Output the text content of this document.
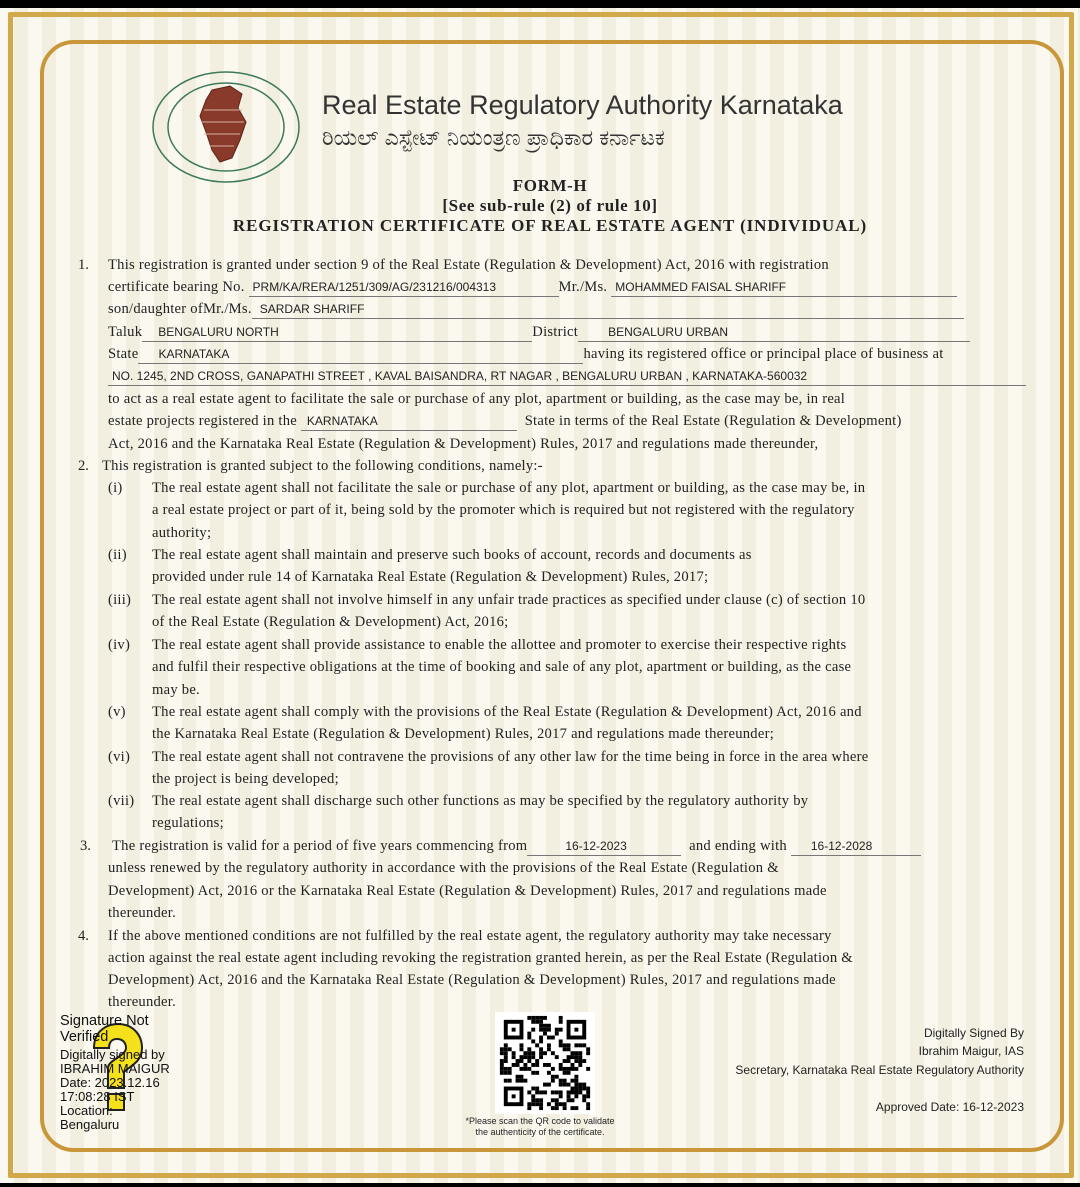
Real Estate Regulatory Authority Karnataka
ರಿಯಲ್ ಎಸ್ಟೇಟ್ ನಿಯಂತ್ರಣ ಪ್ರಾಧಿಕಾರ ಕರ್ನಾಟಕ
FORM-H
[See sub-rule (2) of rule 10]
REGISTRATION CERTIFICATE OF REAL ESTATE AGENT (INDIVIDUAL)
1. This registration is granted under section 9 of the Real Estate (Regulation & Development) Act, 2016 with registration
certificate bearing No. PRM/KA/RERA/1251/309/AG/231216/004313	Mr./Ms. MOHAMMED FAISAL SHARIFF
son/daughter ofMr./Ms. SARDAR SHARIFF
Taluk BENGALURU NORTH	District	BENGALURU URBAN
State KARNATAKA	having its registered office or principal place of business at
NO. 1245, 2ND CROSS, GANAPATHI STREET , KAVAL BAISANDRA, RT NAGAR , BENGALURU URBAN , KARNATAKA-560032
to act as a real estate agent to facilitate the sale or purchase of any plot, apartment or building, as the case may be, in real
estate projects registered in the KARNATAKA	State in terms of the Real Estate (Regulation & Development)
Act, 2016 and the Karnataka Real Estate (Regulation & Development) Rules, 2017 and regulations made thereunder,
2. This registration is granted subject to the following conditions, namely:-
(i) The real estate agent shall not facilitate the sale or purchase of any plot, apartment or building, as the case may be, in
a real estate project or part of it, being sold by the promoter which is required but not registered with the regulatory
authority;
(ii) The real estate agent shall maintain and preserve such books of account, records and documents as
provided under rule 14 of Karnataka Real Estate (Regulation & Development) Rules, 2017;
(iii) The real estate agent shall not involve himself in any unfair trade practices as specified under clause (c) of section 10
of the Real Estate (Regulation & Development) Act, 2016;
(iv) The real estate agent shall provide assistance to enable the allottee and promoter to exercise their respective rights
and fulfil their respective obligations at the time of booking and sale of any plot, apartment or building, as the case
may be.
(v) The real estate agent shall comply with the provisions of the Real Estate (Regulation & Development) Act, 2016 and
the Karnataka Real Estate (Regulation & Development) Rules, 2017 and regulations made thereunder;
(vi) The real estate agent shall not contravene the provisions of any other law for the time being in force in the area where
the project is being developed;
(vii) The real estate agent shall discharge such other functions as may be specified by the regulatory authority by
regulations;
3. The registration is valid for a period of five years commencing from	16-12-2023	and ending with 16-12-2028
unless renewed by the regulatory authority in accordance with the provisions of the Real Estate (Regulation &
Development) Act, 2016 or the Karnataka Real Estate (Regulation & Development) Rules, 2017 and regulations made
thereunder.
4. If the above mentioned conditions are not fulfilled by the real estate agent, the regulatory authority may take necessary
action against the real estate agent including revoking the registration granted herein, as per the Real Estate (Regulation &
Development) Act, 2016 and the Karnataka Real Estate (Regulation & Development) Rules, 2017 and regulations made
thereunder.
Signature Not Verified
Digitally signed by
IBRAHIM MAIGUR
Date: 2023.12.16
17:08:28 IST
Location:
Bengaluru	*Please scan the QR code to validate
the authenticity of the certificate.
Digitally Signed By
Ibrahim Maigur, IAS
Secretary, Karnataka Real Estate Regulatory Authority
Approved Date: 16-12-2023
